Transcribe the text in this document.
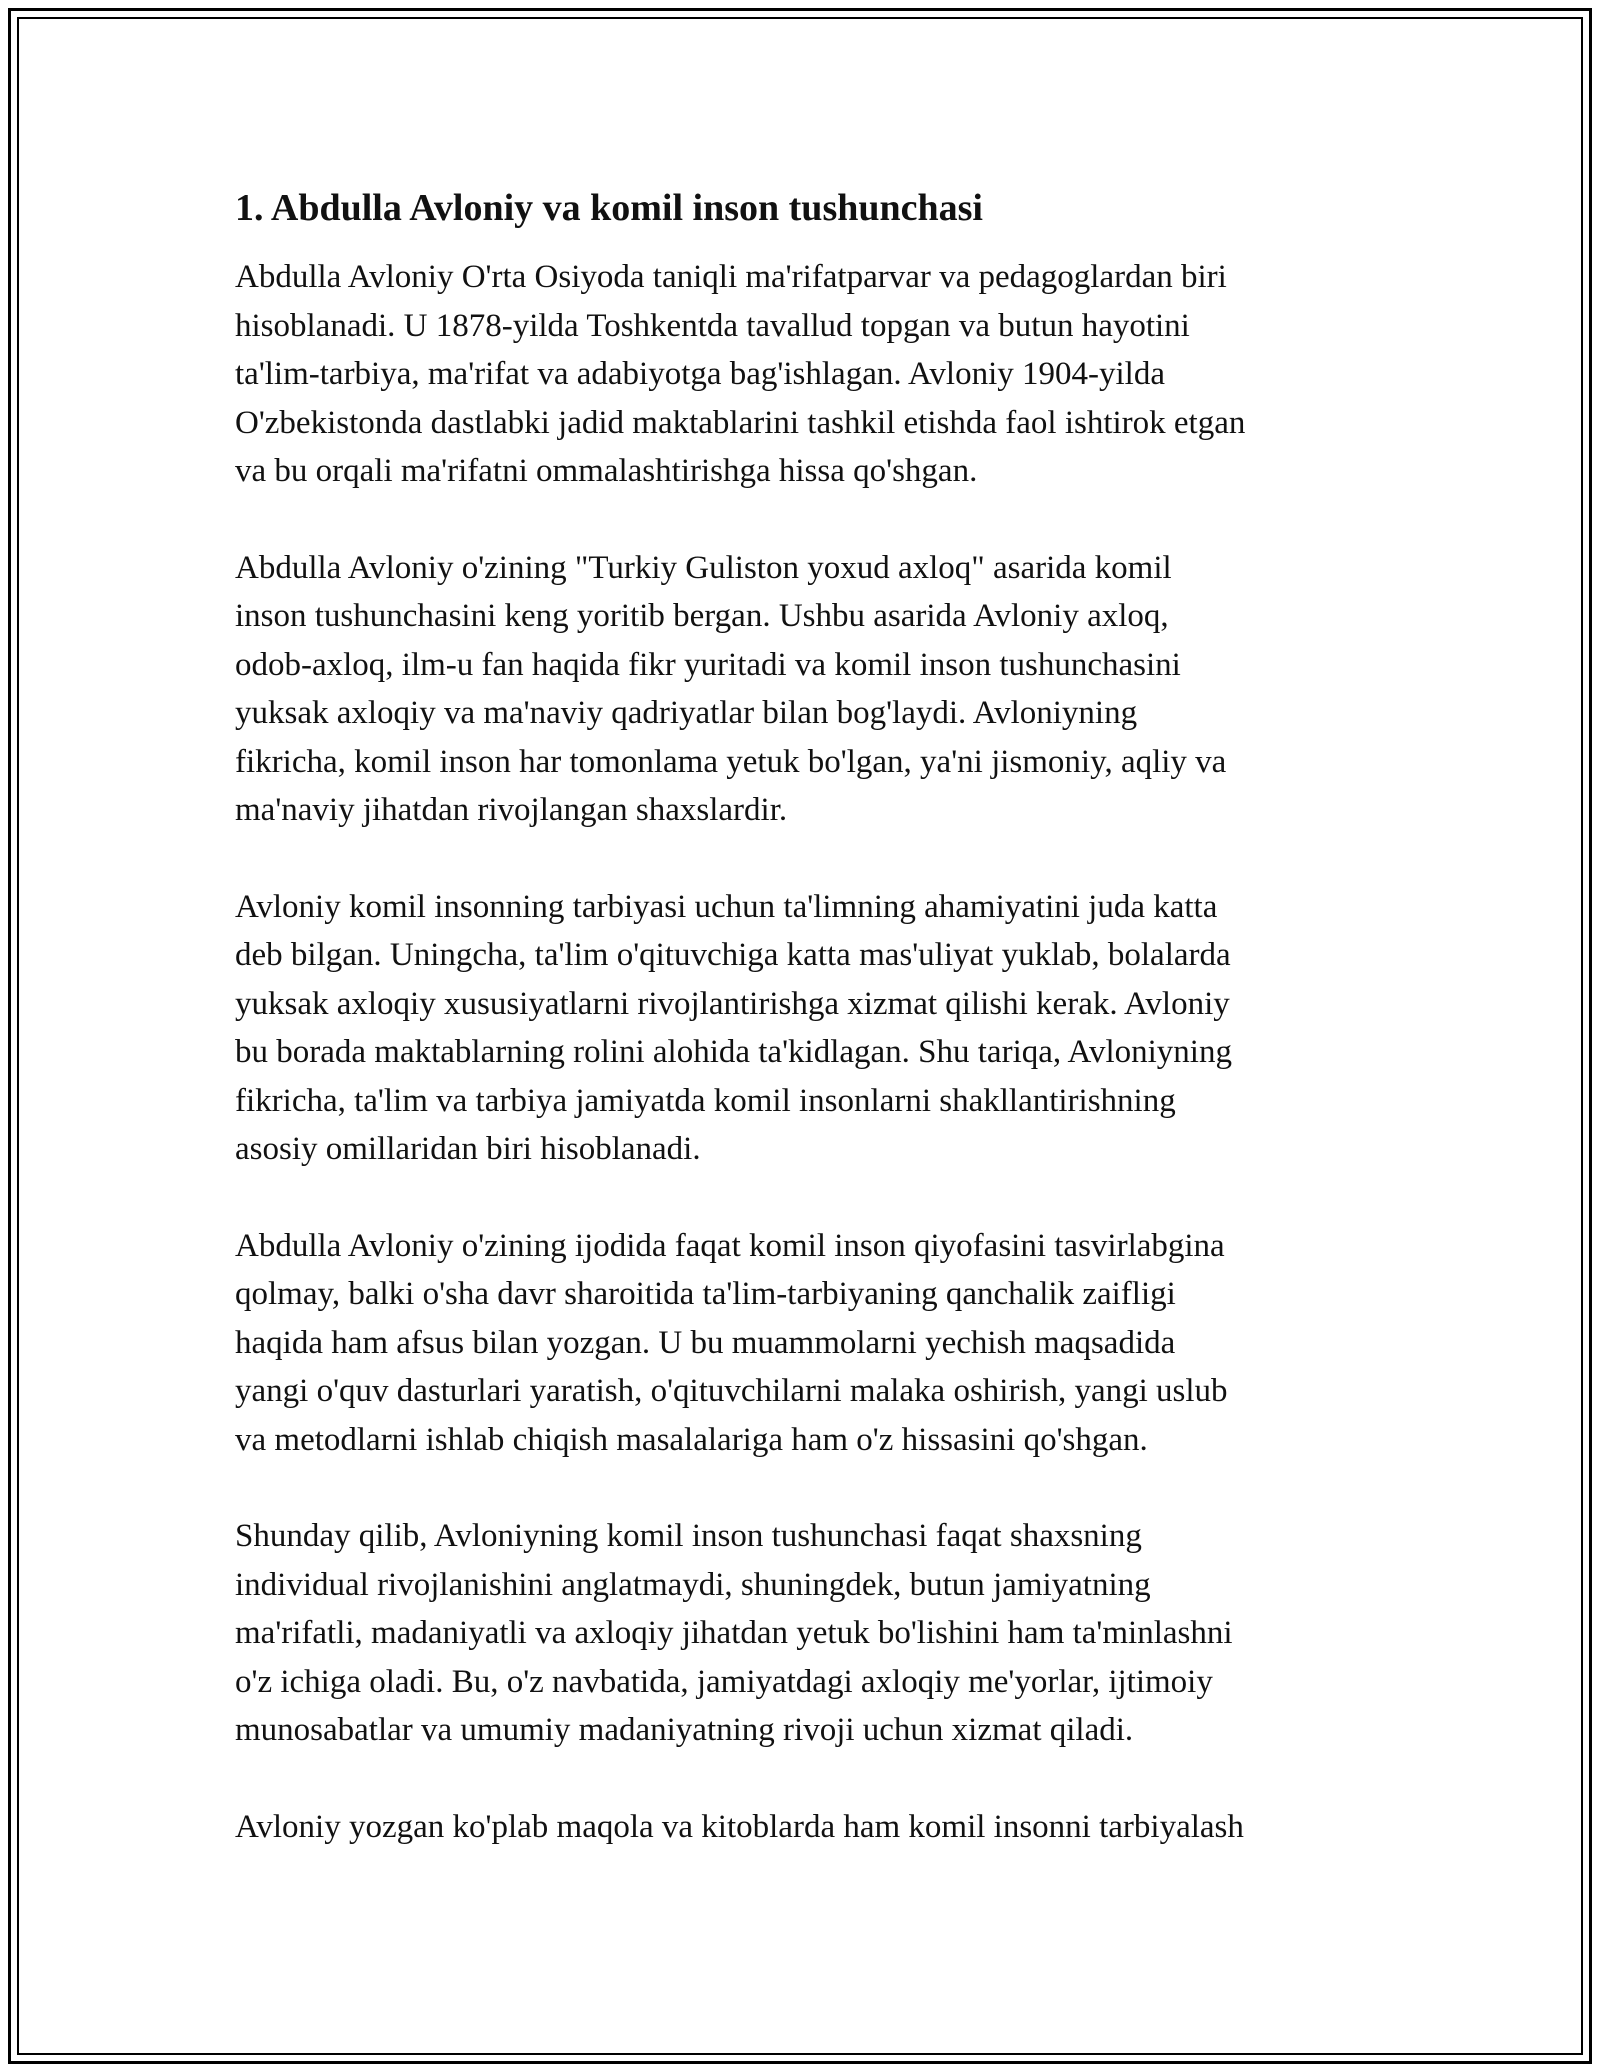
1. Abdulla Avloniy va komil inson tushunchasi

Abdulla Avloniy O'rta Osiyoda taniqli ma'rifatparvar va pedagoglardan biri
hisoblanadi. U 1878-yilda Toshkentda tavallud topgan va butun hayotini
ta'lim-tarbiya, ma'rifat va adabiyotga bag'ishlagan. Avloniy 1904-yilda
O'zbekistonda dastlabki jadid maktablarini tashkil etishda faol ishtirok etgan
va bu orqali ma'rifatni ommalashtirishga hissa qo'shgan.

Abdulla Avloniy o'zining "Turkiy Guliston yoxud axloq" asarida komil
inson tushunchasini keng yoritib bergan. Ushbu asarida Avloniy axloq,
odob-axloq, ilm-u fan haqida fikr yuritadi va komil inson tushunchasini
yuksak axloqiy va ma'naviy qadriyatlar bilan bog'laydi. Avloniyning
fikricha, komil inson har tomonlama yetuk bo'lgan, ya'ni jismoniy, aqliy va
ma'naviy jihatdan rivojlangan shaxslardir.

Avloniy komil insonning tarbiyasi uchun ta'limning ahamiyatini juda katta
deb bilgan. Uningcha, ta'lim o'qituvchiga katta mas'uliyat yuklab, bolalarda
yuksak axloqiy xususiyatlarni rivojlantirishga xizmat qilishi kerak. Avloniy
bu borada maktablarning rolini alohida ta'kidlagan. Shu tariqa, Avloniyning
fikricha, ta'lim va tarbiya jamiyatda komil insonlarni shakllantirishning
asosiy omillaridan biri hisoblanadi.

Abdulla Avloniy o'zining ijodida faqat komil inson qiyofasini tasvirlabgina
qolmay, balki o'sha davr sharoitida ta'lim-tarbiyaning qanchalik zaifligi
haqida ham afsus bilan yozgan. U bu muammolarni yechish maqsadida
yangi o'quv dasturlari yaratish, o'qituvchilarni malaka oshirish, yangi uslub
va metodlarni ishlab chiqish masalalariga ham o'z hissasini qo'shgan.

Shunday qilib, Avloniyning komil inson tushunchasi faqat shaxsning
individual rivojlanishini anglatmaydi, shuningdek, butun jamiyatning
ma'rifatli, madaniyatli va axloqiy jihatdan yetuk bo'lishini ham ta'minlashni
o'z ichiga oladi. Bu, o'z navbatida, jamiyatdagi axloqiy me'yorlar, ijtimoiy
munosabatlar va umumiy madaniyatning rivoji uchun xizmat qiladi.

Avloniy yozgan ko'plab maqola va kitoblarda ham komil insonni tarbiyalash
